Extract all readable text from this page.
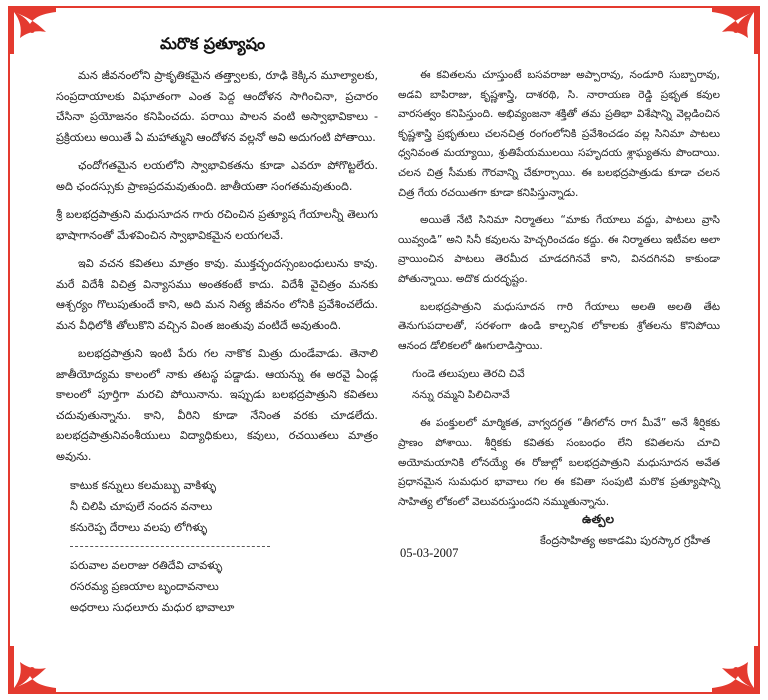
మరొక ప్రత్యూషం

మన జీవనంలోని ప్రాకృతికమైన తత్త్వాలకు, రూఢి కెక్కిన మూల్యాలకు, సంప్రదాయాలకు విఘాతంగా ఎంత పెద్ద ఆందోళన సాగించినా, ప్రచారం చేసినా ప్రయోజనం కనిపించదు. పరాయి పాలన వంటి అస్వాభావికాలు - ప్రక్రియలు అయితే ఏ మహాత్ముని ఆందోళన వల్లనో అవి అదుగంటి పోతాయి.

ఛందోగతమైన లయలోని స్వాభావికతను కూడా ఎవరూ పోగొట్టలేరు. అది ఛందస్సుకు ప్రాణప్రదమవుతుంది. జాతీయతా సంగతమవుతుంది.

శ్రీ బలభద్రపాత్రుని మధుసూదన గారు రచించిన ప్రత్యూష గేయాలన్నీ తెలుగు భాషాగానంతో మేళవించిన స్వాభావికమైన లయగలవే.

ఇవి వచన కవితలు మాత్రం కావు. ముక్తచ్ఛందస్సంబంధులును కావు. మరే విదేశీ విచిత్ర విన్యాసము అంతకంటే కాదు. విదేశీ వైచిత్రం మనకు ఆశ్చర్యం గొలుపుతుందే కాని, అది మన నిత్య జీవనం లోనికి ప్రవేశించలేదు. మన వీధిలోకి తోలుకొని వచ్చిన వింత జంతువు వంటిదే అవుతుంది.

బలభద్రపాత్రుని ఇంటి పేరు గల నాకొక మిత్రు దుండేవాడు. తెనాలి జాతీయోద్యమ కాలంలో నాకు తటస్థ పడ్డాడు. ఆయన్ను ఈ అరవై ఏండ్ల కాలంలో పూర్తిగా మరచి పోయినాను. ఇప్పుడు బలభద్రపాత్రుని కవితలు చదువుతున్నాను. కాని, వీరిని కూడా నేనింత వరకు చూడలేదు. బలభద్రపాత్రునివంశీయులు విద్యాధికులు, కవులు, రచయితలు మాత్రం అవును.

కాటుక కన్నులు కలమబ్బు వాకిళ్ళు
నీ చిలిపి చూపులే నందన వనాలు
కనురెప్ప దేరాలు వలపు లోగిళ్ళు
పరువాల వలరాజు రతిదేవి చావళ్ళు
రసరమ్య ప్రణయాల బృందావనాలు
అధరాలు సుధలూరు మధుర భావాలూ

ఈ కవితలను చూస్తుంటే బసవరాజు అప్పారావు, నండూరి సుబ్బారావు, అడవి బాపిరాజు, కృష్ణశాస్త్రి, దాశరథి, సి. నారాయణ రెడ్డి ప్రభృత కవుల వారసత్వం కనిపిస్తుంది. అభివ్యంజనా శక్తితో తమ ప్రతిభా విశేషాన్ని వెల్లడించిన కృష్ణశాస్త్రి ప్రభృతులు చలనచిత్ర రంగంలోనికి ప్రవేశించడం వల్ల సినిమా పాటలు ధ్వనివంత మయ్యాయి, శ్రుతిపేయములయి సహృదయ శ్లాఘ్యతను పొందాయి. చలన చిత్ర సీమకు గౌరవాన్ని చేకూర్చాయి. ఈ బలభద్రపాత్రుడు కూడా చలన చిత్ర గేయ రచయితగా కూడా కనిపిస్తున్నాడు.

అయితే నేటి సినిమా నిర్మాతలు “మాకు గేయాలు వద్దు, పాటలు వ్రాసి యివ్వండి” అని సినీ కవులను హెచ్చరించడం కద్దు. ఈ నిర్మాతలు ఇటీవల అలా వ్రాయించిన పాటలు తెరమీద చూడదగినవే కాని, వినదగినవి కాకుండా పోతున్నాయి. అదొక దురదృష్టం.

బలభద్రపాత్రుని మధుసూదన గారి గేయాలు అలతి అలతి తేట తెనుగుపదాలతో, సరళంగా ఉండి కాల్పనిక లోకాలకు శ్రోతలను కొనిపోయి ఆనంద డోలికలలో ఊగులాడిస్తాయి.

గుండె తలుపులు తెరచి చివే
నన్ను రమ్మని పిలిచినావే

ఈ పంక్తులలో మార్మికత, వాగ్వదగ్ధత “తీగలోన రాగ మీవే” అనే శీర్షికకు ప్రాణం పోశాయి. శీర్షికకు కవితకు సంబంధం లేని కవితలను చూచి అయోమయానికి లోనయ్యే ఈ రోజుల్లో బలభద్రపాత్రుని మధుసూదన అవేత ప్రధానమైన సుమధుర భావాలు గల ఈ కవితా సంపుటి మరొక ప్రత్యూషాన్ని సాహిత్య లోకంలో వెలువరుస్తుందని నమ్ముతున్నాను.

ఉత్పల
కేంద్రసాహిత్య అకాడమి పురస్కార గ్రహీత
05-03-2007
